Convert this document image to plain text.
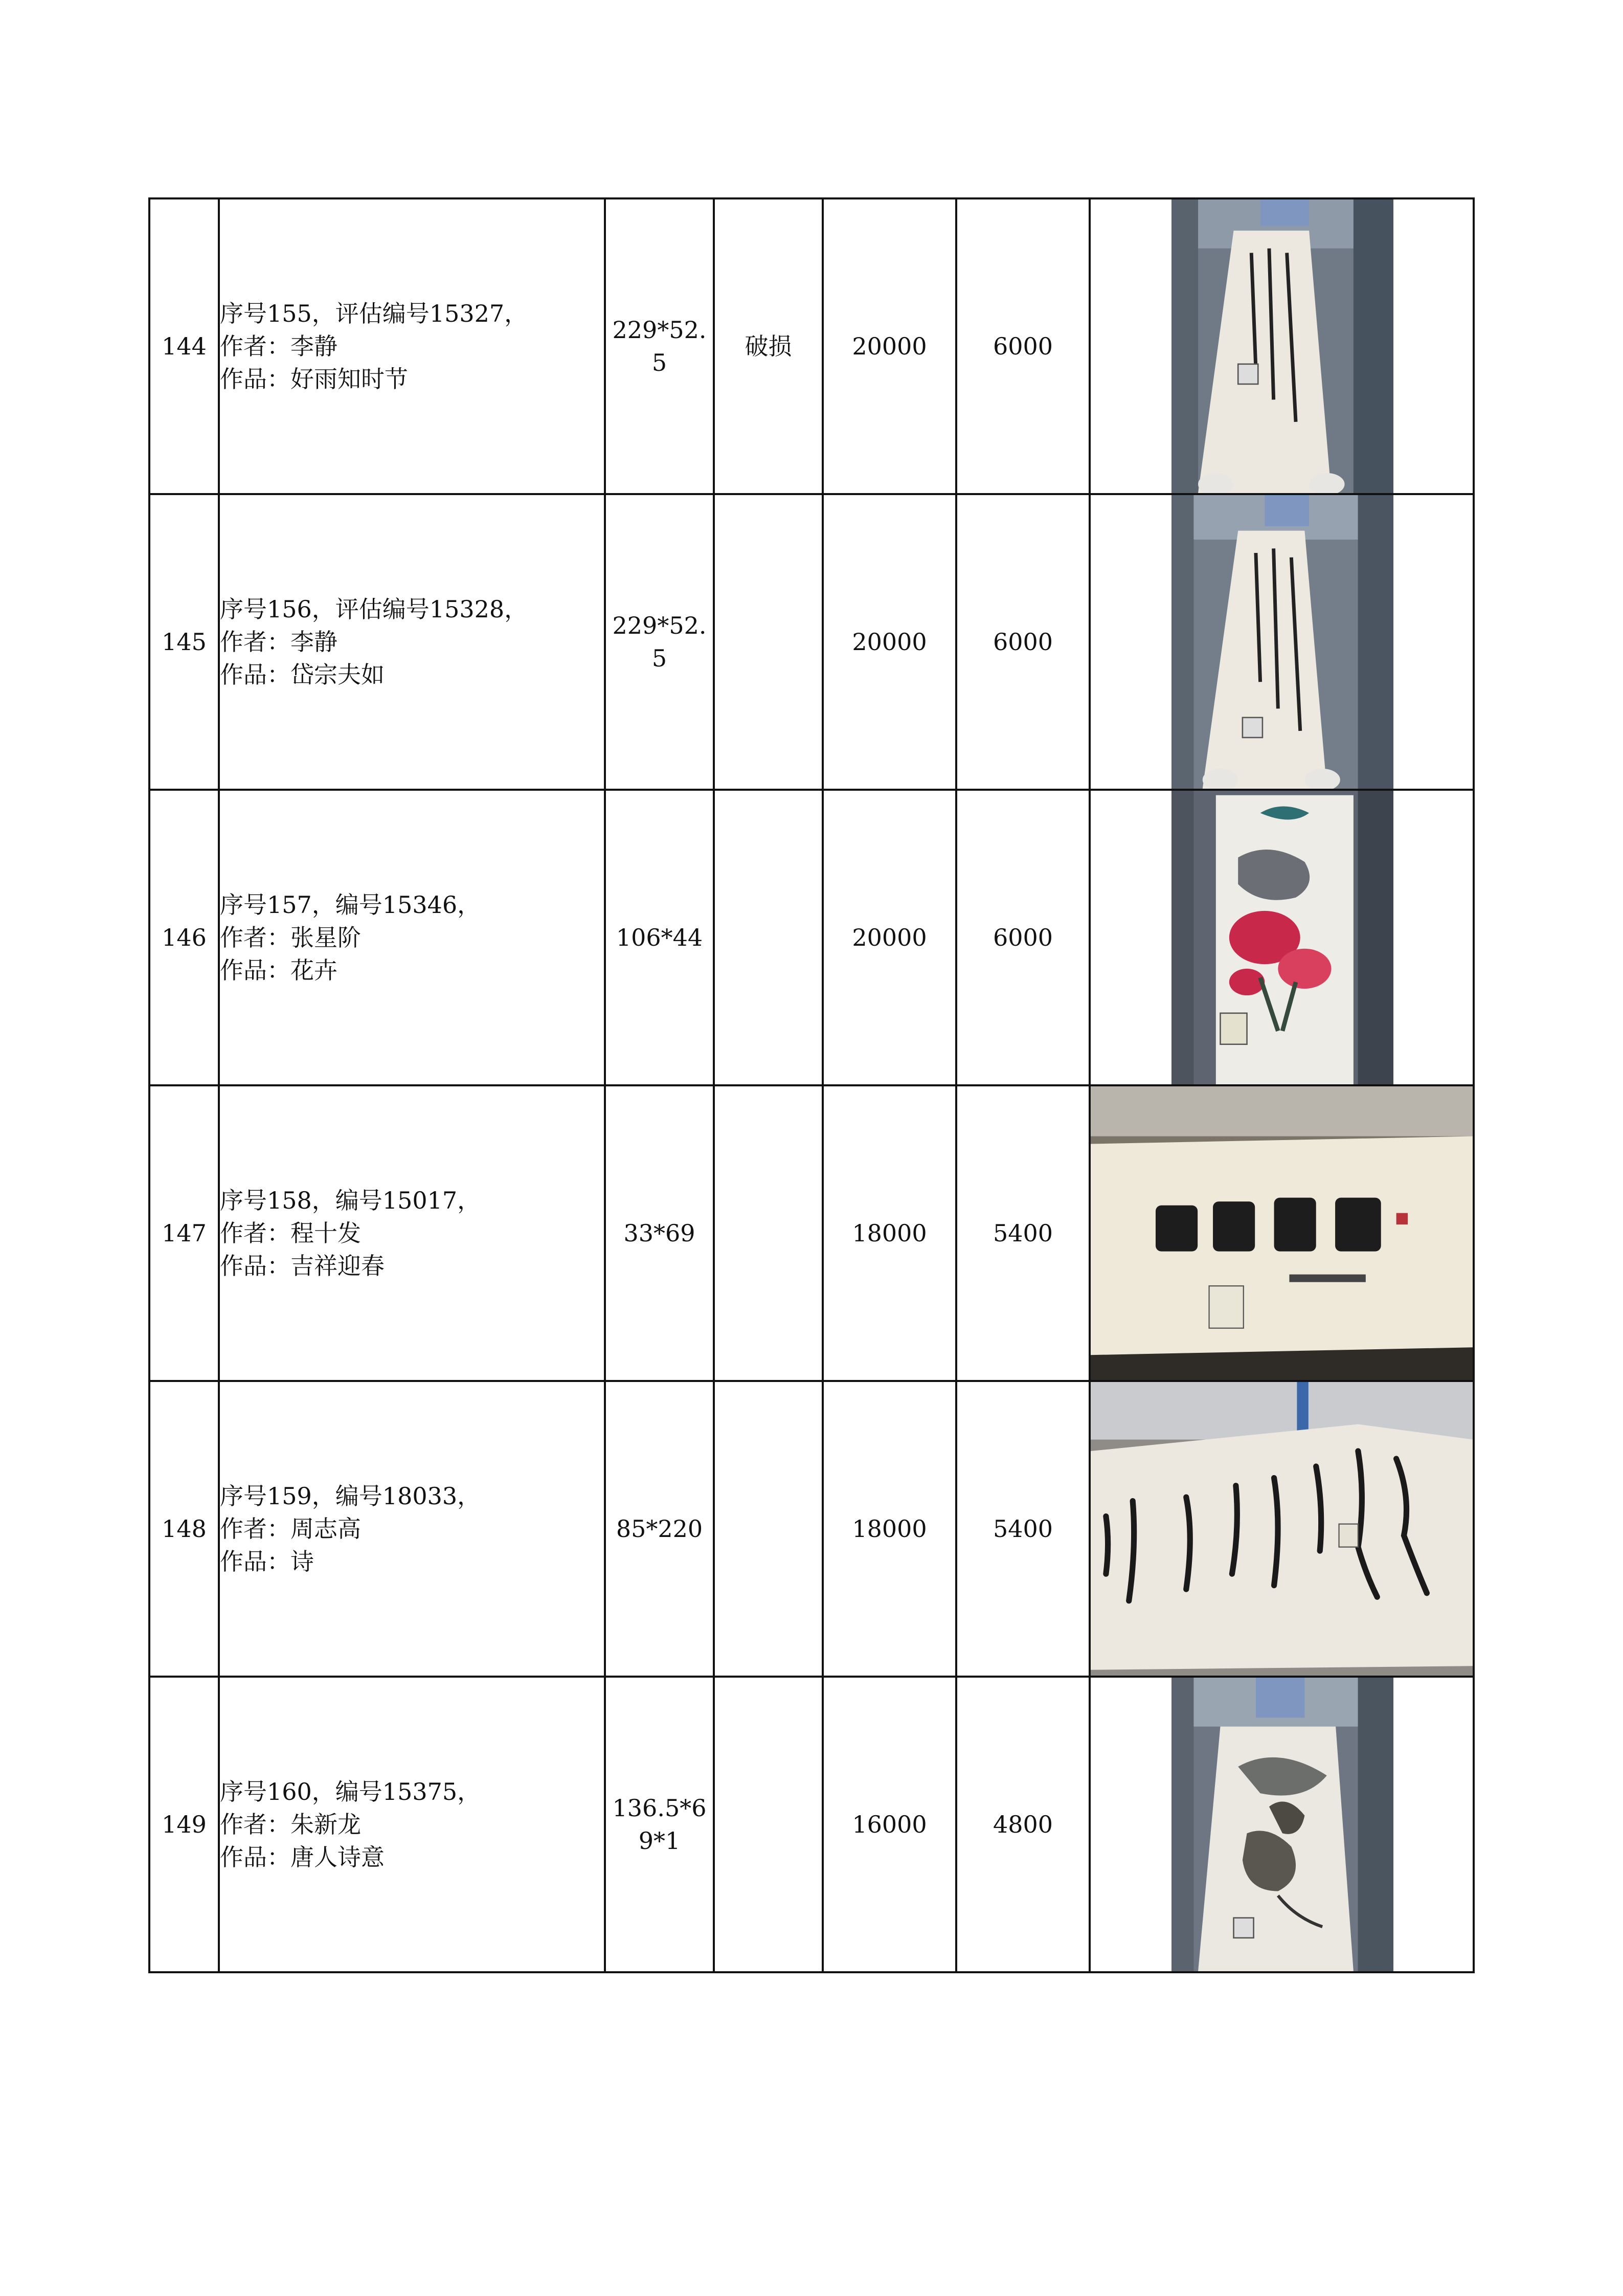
144	序号155，评估编号15327，
作者：李静
作品：好雨知时节	229*52.5	破损	20000	6000	

145	序号156，评估编号15328，
作者：李静
作品：岱宗夫如	229*52.5		20000	6000	

146	序号157，编号15346，
作者：张星阶
作品：花卉	106*44		20000	6000	

147	序号158，编号15017，
作者：程十发
作品：吉祥迎春	33*69		18000	5400	

148	序号159，编号18033，
作者：周志高
作品：诗	85*220		18000	5400	

149	序号160，编号15375，
作者：朱新龙
作品：唐人诗意	136.5*69*1		16000	4800	
